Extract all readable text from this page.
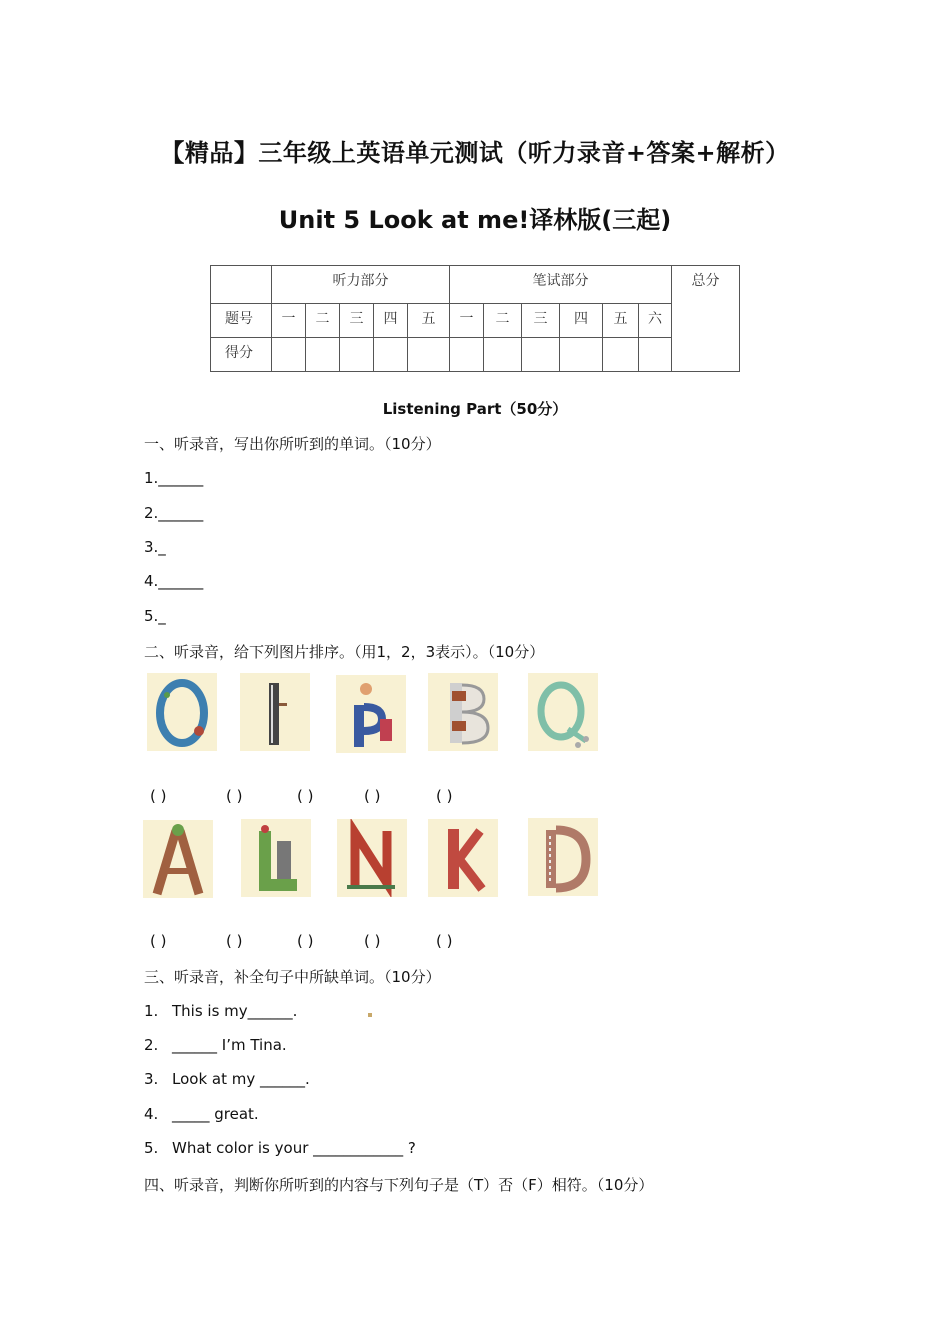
【精品】三年级上英语单元测试（听力录音+答案+解析）
Unit 5 Look at me!译林版(三起)
	听力部分					笔试部分						总分
题号	一	二	三	四	五	一	二	三	四	五	六	
得分												
Listening Part（50分）
一、听录音，写出你所听到的单词。（10分）
1.______
2.______
3._
4.______
5._
二、听录音，给下列图片排序。（用1，2，3表示）。（10分）
( )	( )	( )	( )	( )
( )	( )	( )	( )	( )
三、听录音，补全句子中所缺单词。（10分）
1. This is my______.
2. ______ I’m Tina.
3. Look at my ______.
4. _____ great.
5. What color is your ____________ ?
四、听录音，判断你所听到的内容与下列句子是（T）否（F）相符。（10分）
